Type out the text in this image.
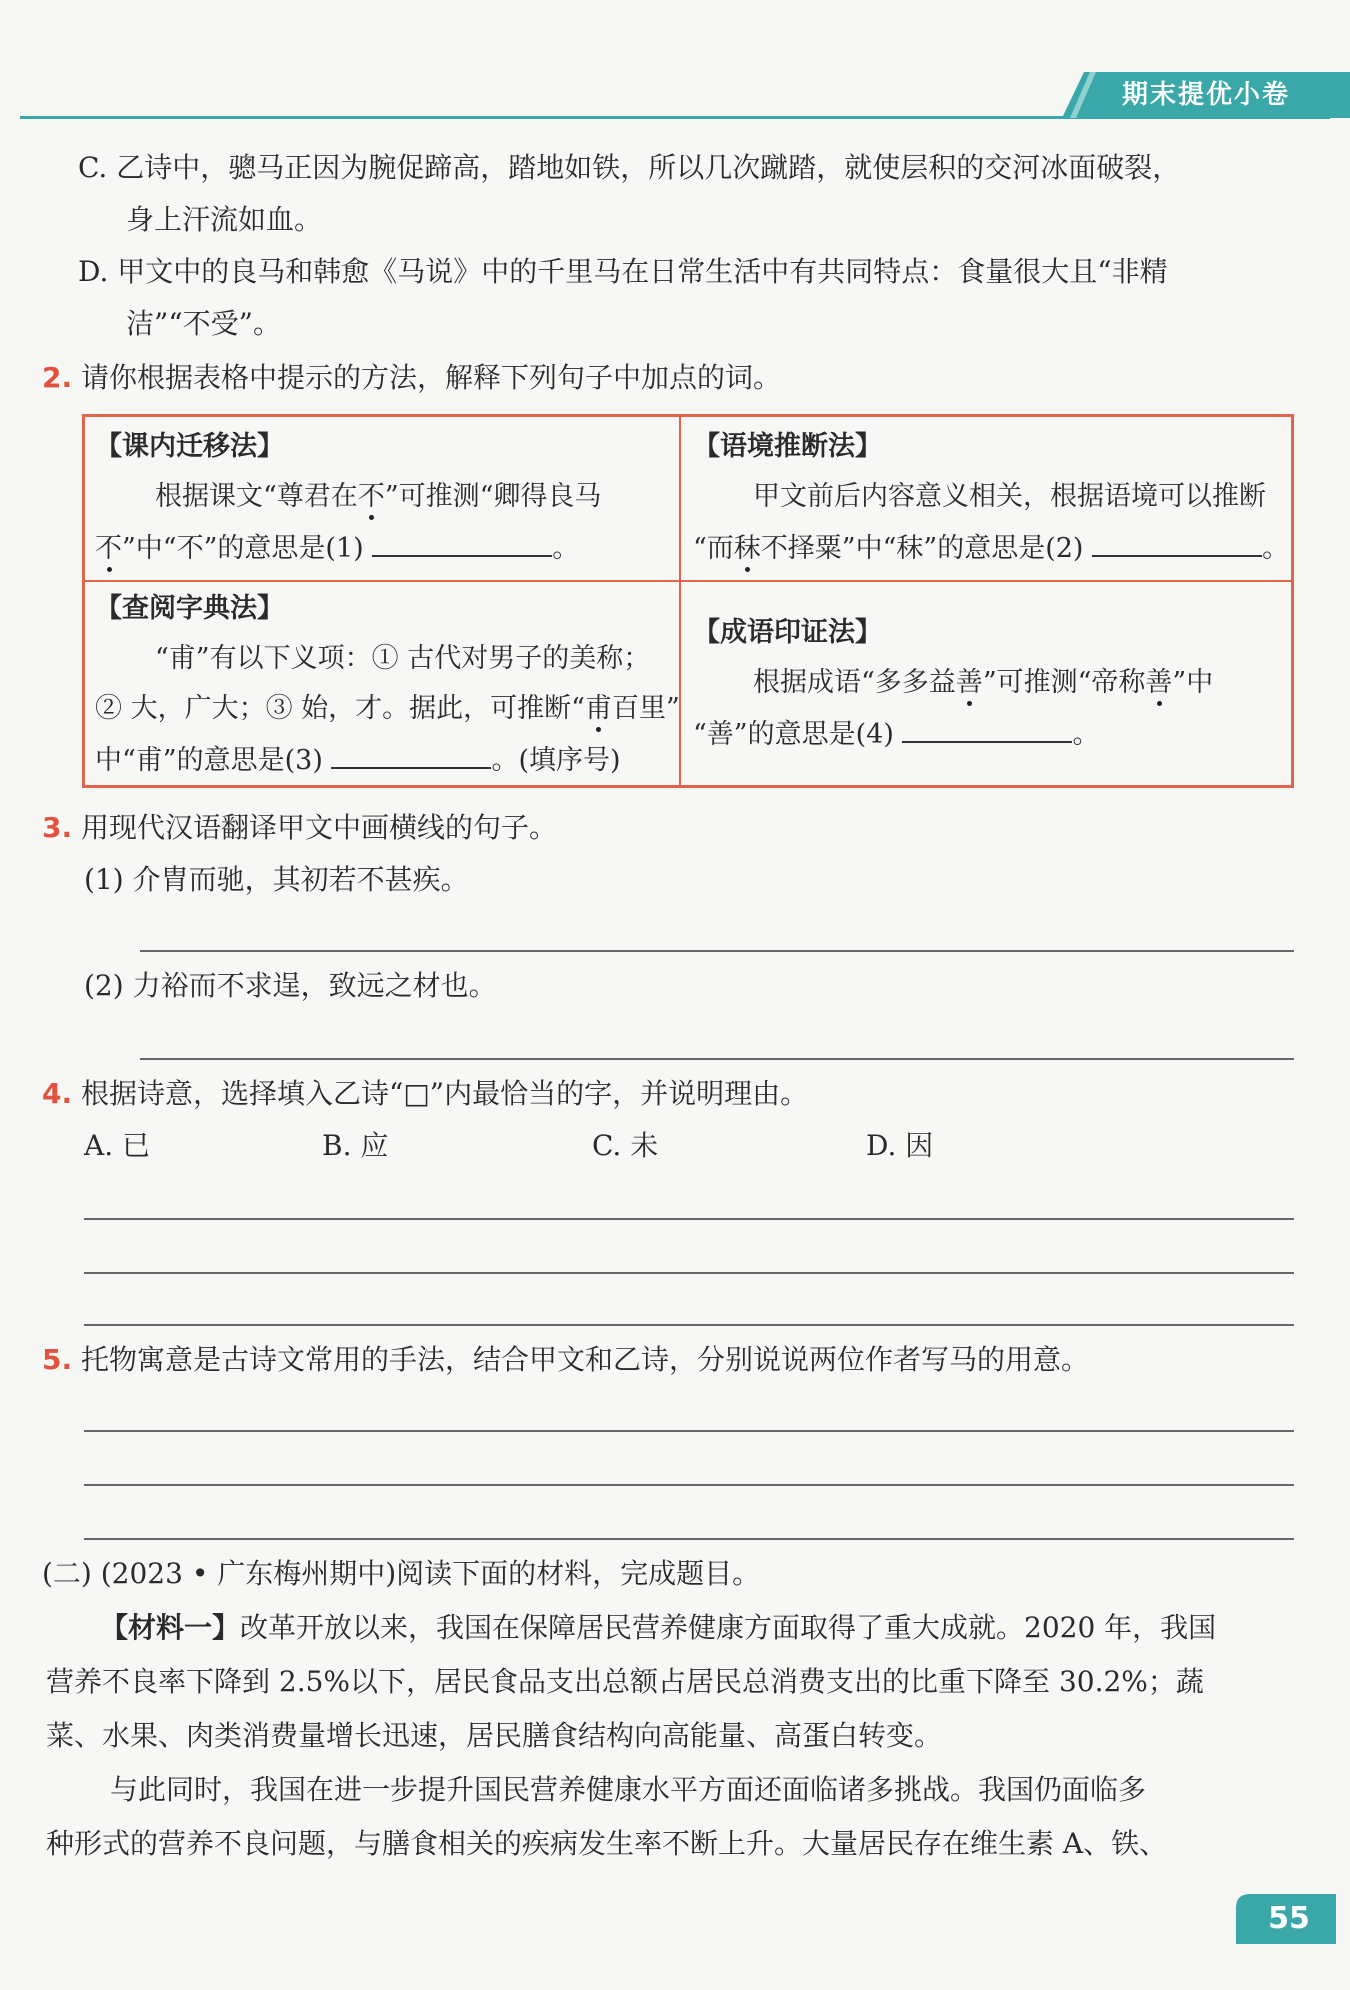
期末提优小卷
C. 乙诗中，骢马正因为腕促蹄高，踏地如铁，所以几次蹴踏，就使层积的交河冰面破裂，
身上汗流如血。
D. 甲文中的良马和韩愈《马说》中的千里马在日常生活中有共同特点：食量很大且“非精
洁”“不受”。
2. 请你根据表格中提示的方法，解释下列句子中加点的词。
【课内迁移法】
根据课文“尊君在不”可推测“卿得良马
不”中“不”的意思是(1)	。
【语境推断法】
甲文前后内容意义相关，根据语境可以推断
“而秣不择粟”中“秣”的意思是(2)	。
【查阅字典法】
“甫”有以下义项：① 古代对男子的美称；
② 大，广大；③ 始，才。据此，可推断“甫百里”
中“甫”的意思是(3)	。(填序号)
【成语印证法】
根据成语“多多益善”可推测“帝称善”中
“善”的意思是(4)	。
3. 用现代汉语翻译甲文中画横线的句子。
(1) 介胄而驰，其初若不甚疾。
(2) 力裕而不求逞，致远之材也。
4. 根据诗意，选择填入乙诗“□”内最恰当的字，并说明理由。
A. 已	B. 应	C. 未	D. 因
5. 托物寓意是古诗文常用的手法，结合甲文和乙诗，分别说说两位作者写马的用意。
(二) (2023 • 广东梅州期中)阅读下面的材料，完成题目。
【材料一】改革开放以来，我国在保障居民营养健康方面取得了重大成就。2020 年，我国
营养不良率下降到 2.5%以下，居民食品支出总额占居民总消费支出的比重下降至 30.2%；蔬
菜、水果、肉类消费量增长迅速，居民膳食结构向高能量、高蛋白转变。
与此同时，我国在进一步提升国民营养健康水平方面还面临诸多挑战。我国仍面临多
种形式的营养不良问题，与膳食相关的疾病发生率不断上升。大量居民存在维生素 A、铁、
55
